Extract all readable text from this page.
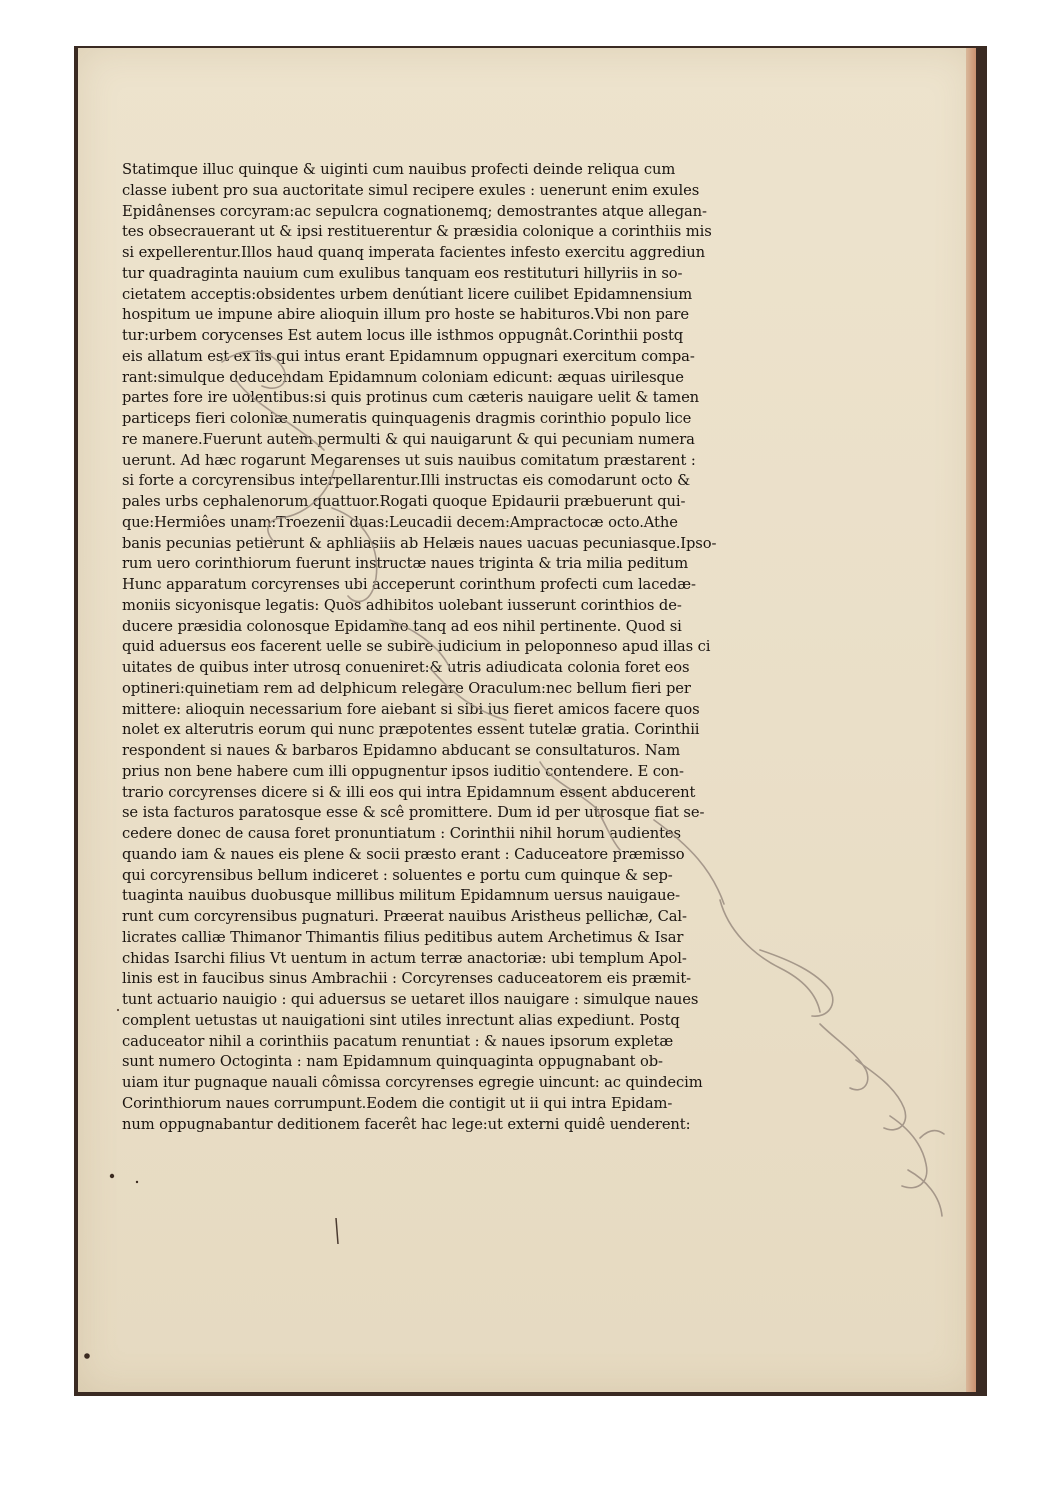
Statimque illuc quinque & uiginti cum nauibus profecti deinde reliqua cum
classe iubent pro sua auctoritate simul recipere exules : uenerunt enim exules
Epidânenses corcyram:ac sepulcra cognationemq; demostrantes atque allegan-
tes obsecrauerant ut & ipsi restituerentur & præsidia colonique a corinthiis mis
si expellerentur.Illos haud quanq imperata facientes infesto exercitu aggrediun
tur quadraginta nauium cum exulibus tanquam eos restituturi hillyriis in so-
cietatem acceptis:obsidentes urbem denútiant licere cuilibet Epidamnensium
hospitum ue impune abire alioquin illum pro hoste se habituros.Vbi non pare
tur:urbem corycenses Est autem locus ille isthmos oppugnât.Corinthii postq
eis allatum est ex iis qui intus erant Epidamnum oppugnari exercitum compa-
rant:simulque deducendam Epidamnum coloniam edicunt: æquas uirilesque
partes fore ire uolentibus:si quis protinus cum cæteris nauigare uelit & tamen
particeps fieri coloniæ numeratis quinquagenis dragmis corinthio populo lice
re manere.Fuerunt autem permulti & qui nauigarunt & qui pecuniam numera
uerunt. Ad hæc rogarunt Megarenses ut suis nauibus comitatum præstarent :
si forte a corcyrensibus interpellarentur.Illi instructas eis comodarunt octo &
pales urbs cephalenorum quattuor.Rogati quoque Epidaurii præbuerunt qui-
que:Hermiôes unam:Troezenii duas:Leucadii decem:Ampractocæ octo.Athe
banis pecunias petierunt & aphliasiis ab Helæis naues uacuas pecuniasque.Ipso-
rum uero corinthiorum fuerunt instructæ naues triginta & tria milia peditum
Hunc apparatum corcyrenses ubi acceperunt corinthum profecti cum lacedæ-
moniis sicyonisque legatis: Quos adhibitos uolebant iusserunt corinthios de-
ducere præsidia colonosque Epidamno tanq ad eos nihil pertinente. Quod si
quid aduersus eos facerent uelle se subire iudicium in peloponneso apud illas ci
uitates de quibus inter utrosq conueniret:& utris adiudicata colonia foret eos
optineri:quinetiam rem ad delphicum relegare Oraculum:nec bellum fieri per
mittere: alioquin necessarium fore aiebant si sibi ius fieret amicos facere quos
nolet ex alterutris eorum qui nunc præpotentes essent tutelæ gratia. Corinthii
respondent si naues & barbaros Epidamno abducant se consultaturos. Nam
prius non bene habere cum illi oppugnentur ipsos iuditio contendere. E con-
trario corcyrenses dicere si & illi eos qui intra Epidamnum essent abducerent
se ista facturos paratosque esse & scê promittere. Dum id per utrosque fiat se-
cedere donec de causa foret pronuntiatum : Corinthii nihil horum audientes
quando iam & naues eis plene & socii præsto erant : Caduceatore præmisso
qui corcyrensibus bellum indiceret : soluentes e portu cum quinque & sep-
tuaginta nauibus duobusque millibus militum Epidamnum uersus nauigaue-
runt cum corcyrensibus pugnaturi. Præerat nauibus Aristheus pellichæ, Cal-
licrates calliæ Thimanor Thimantis filius peditibus autem Archetimus & Isar
chidas Isarchi filius Vt uentum in actum terræ anactoriæ: ubi templum Apol-
linis est in faucibus sinus Ambrachii : Corcyrenses caduceatorem eis præmit-
tunt actuario nauigio : qui aduersus se uetaret illos nauigare : simulque naues
complent uetustas ut nauigationi sint utiles inrectunt alias expediunt. Postq
caduceator nihil a corinthiis pacatum renuntiat : & naues ipsorum expletæ
sunt numero Octoginta : nam Epidamnum quinquaginta oppugnabant ob-
uiam itur pugnaque nauali cômissa corcyrenses egregie uincunt: ac quindecim
Corinthiorum naues corrumpunt.Eodem die contigit ut ii qui intra Epidam-
num oppugnabantur deditionem facerêt hac lege:ut externi quidê uenderent:
